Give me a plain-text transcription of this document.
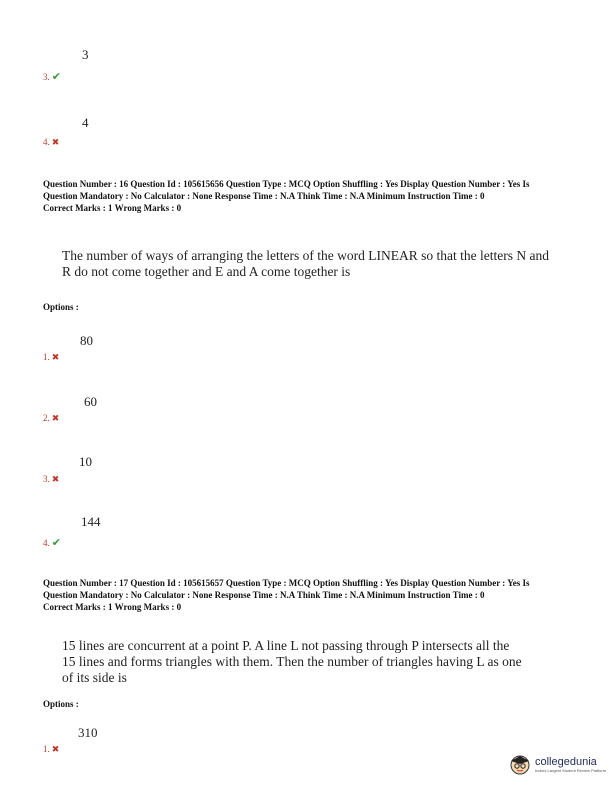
3
3. ✔
4
4. ✖
Question Number : 16 Question Id : 105615656 Question Type : MCQ Option Shuffling : Yes Display Question Number : Yes Is
Question Mandatory : No Calculator : None Response Time : N.A Think Time : N.A Minimum Instruction Time : 0
Correct Marks : 1 Wrong Marks : 0
The number of ways of arranging the letters of the word LINEAR so that the letters N and
R do not come together and E and A come together is
Options :
80
1. ✖
60
2. ✖
10
3. ✖
144
4. ✔
Question Number : 17 Question Id : 105615657 Question Type : MCQ Option Shuffling : Yes Display Question Number : Yes Is
Question Mandatory : No Calculator : None Response Time : N.A Think Time : N.A Minimum Instruction Time : 0
Correct Marks : 1 Wrong Marks : 0
15 lines are concurrent at a point P. A line L not passing through P intersects all the
15 lines and forms triangles with them. Then the number of triangles having L as one
of its side is
Options :
310
1. ✖
collegedunia
India's Largest Student Review Platform
